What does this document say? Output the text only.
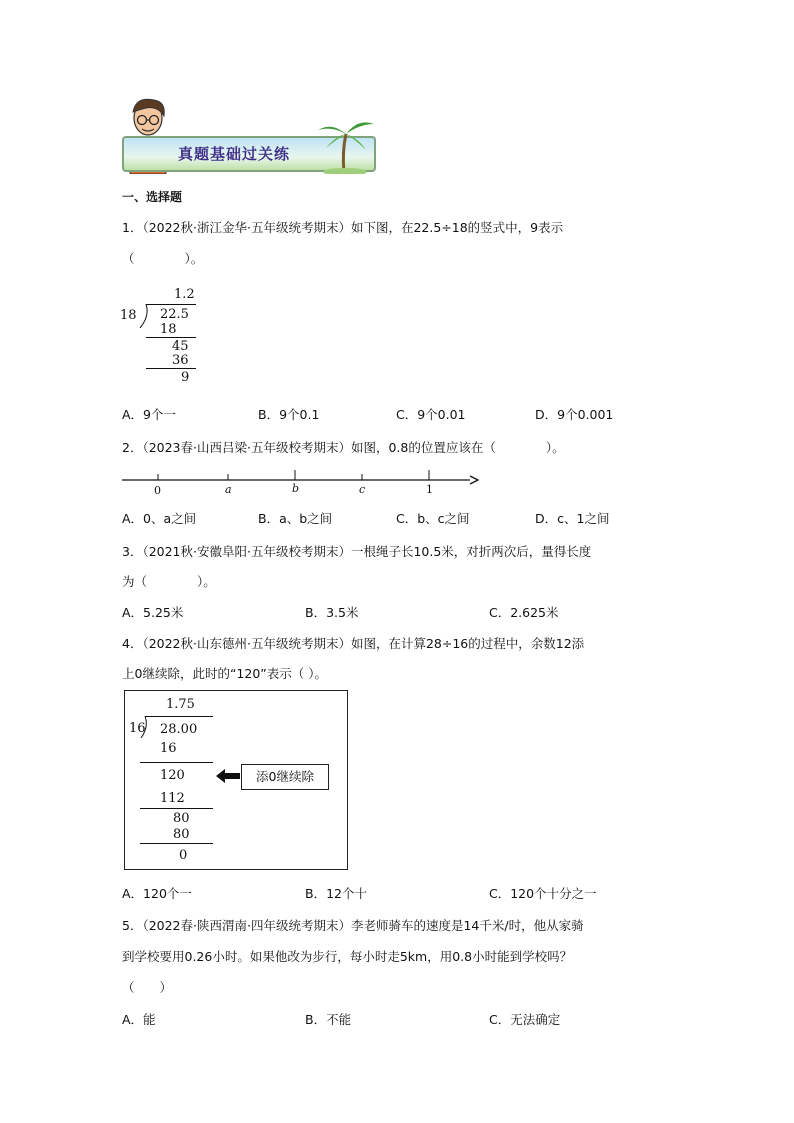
真题基础过关练
一、选择题
1．（2022秋·浙江金华·五年级统考期末）如下图，在22.5÷18的竖式中，9表示
（　　　　）。
1.2
18 22.5
18
45
36
9
A．9个一	B．9个0.1	C．9个0.01	D．9个0.001
2．（2023春·山西吕梁·五年级校考期末）如图，0.8的位置应该在（　　　　）。
0	a	b	c	1
A．0、a之间	B．a、b之间	C．b、c之间	D．c、1之间
3．（2021秋·安徽阜阳·五年级校考期末）一根绳子长10.5米，对折两次后，量得长度
为（　　　　）。
A．5.25米	B．3.5米	C．2.625米
4．（2022秋·山东德州·五年级统考期末）如图，在计算28÷16的过程中，余数12添
上0继续除，此时的“120”表示（ ）。
1.75
16 28.00
16
120
112
80
80
0
添0继续除
A．120个一	B．12个十	C．120个十分之一
5．（2022春·陕西渭南·四年级统考期末）李老师骑车的速度是14千米/时，他从家骑
到学校要用0.26小时。如果他改为步行，每小时走5km，用0.8小时能到学校吗？
（　　）
A．能	B．不能	C．无法确定
